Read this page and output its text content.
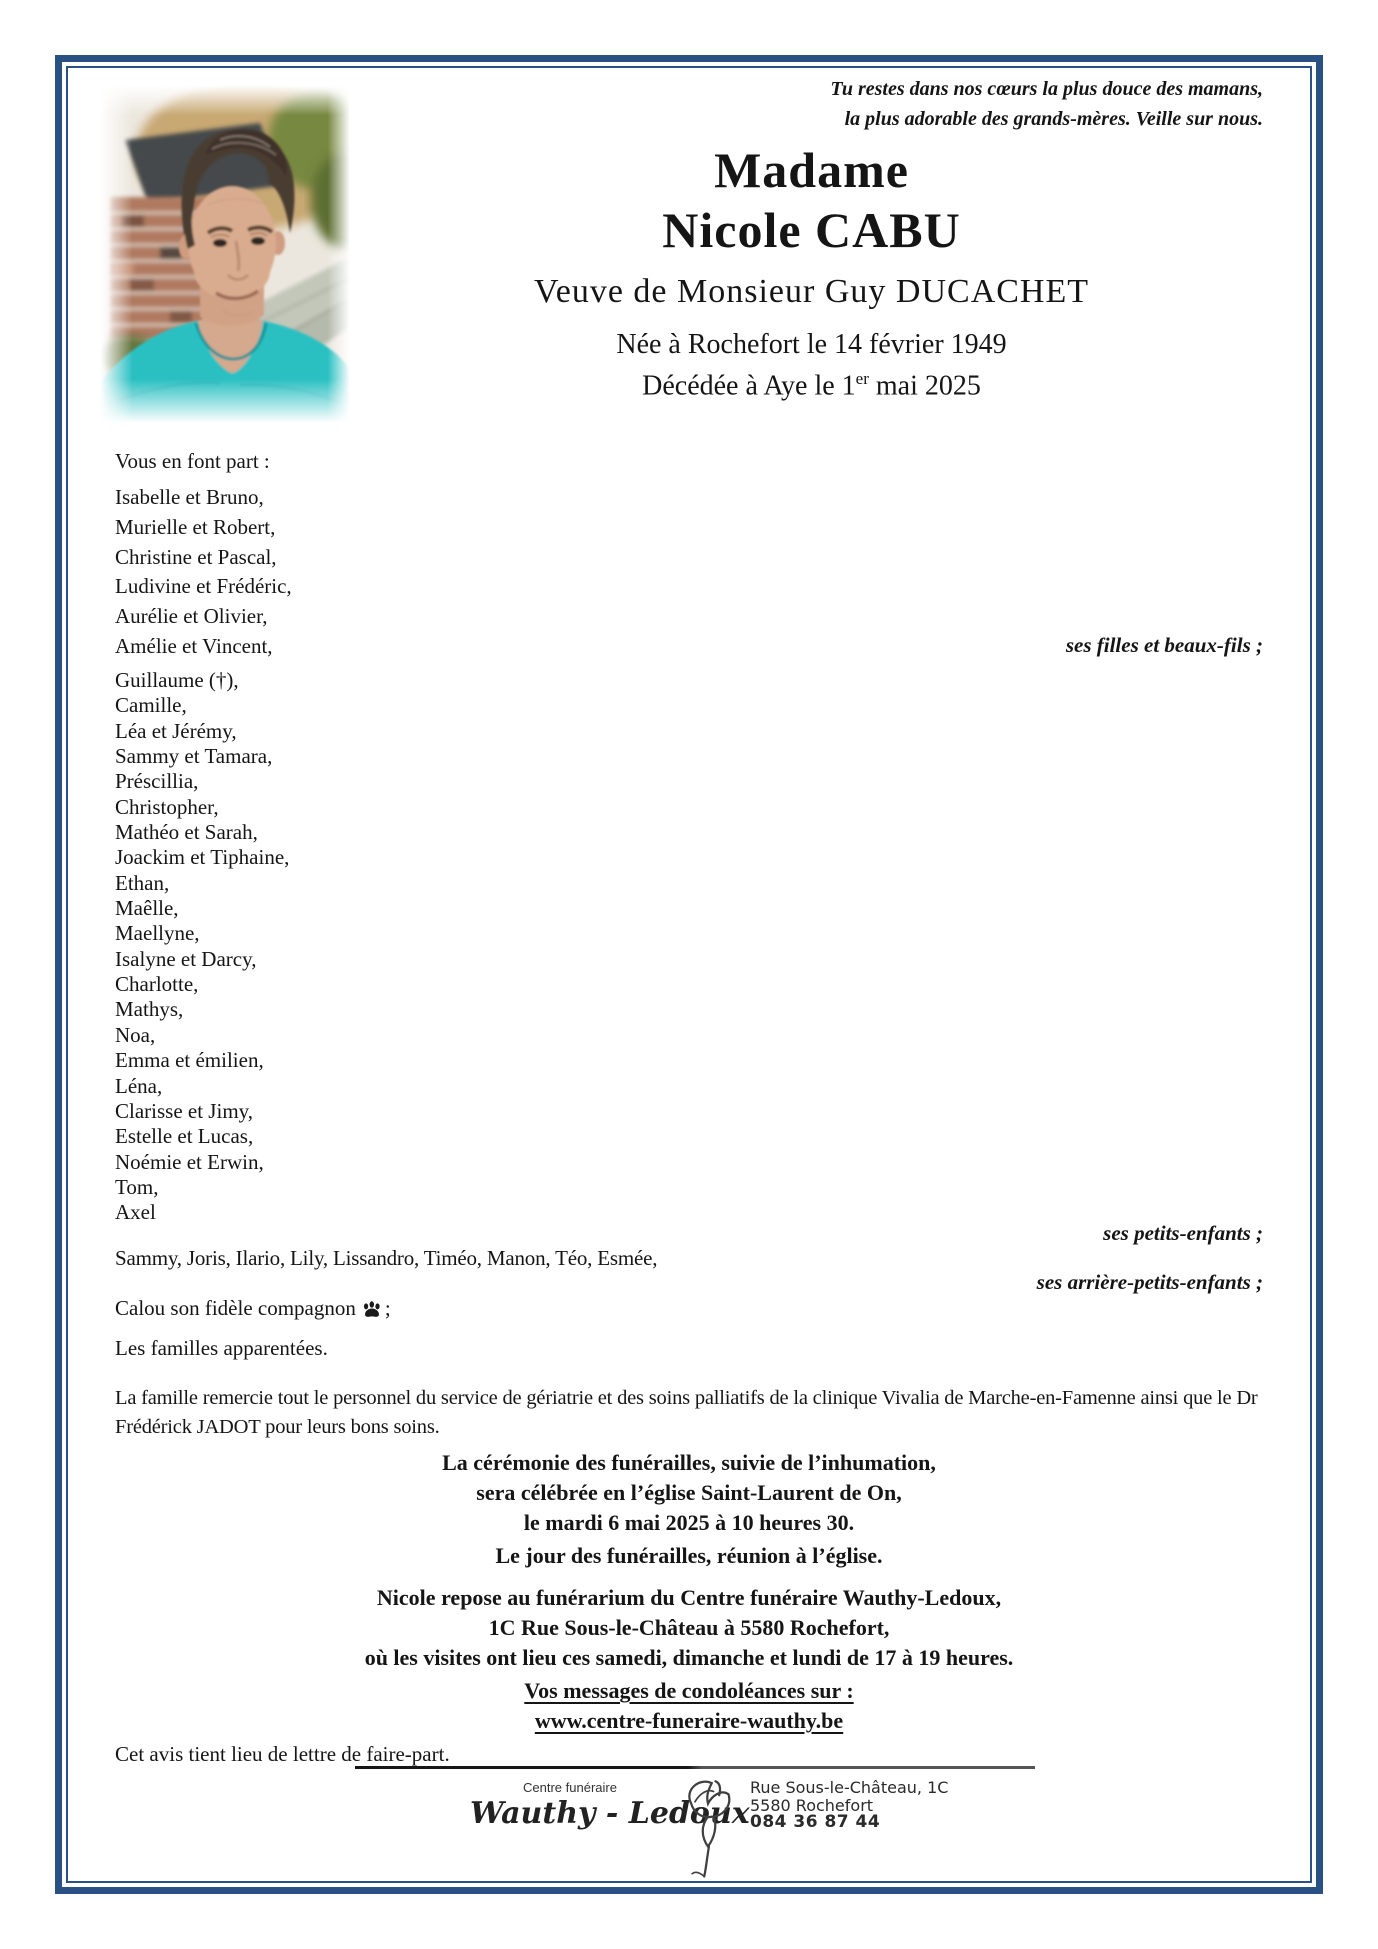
Tu restes dans nos cœurs la plus douce des mamans,
la plus adorable des grands-mères. Veille sur nous.
Madame
Nicole CABU
Veuve de Monsieur Guy DUCACHET
Née à Rochefort le 14 février 1949
Décédée à Aye le 1er mai 2025
Vous en font part :
Isabelle et Bruno,
Murielle et Robert,
Christine et Pascal,
Ludivine et Frédéric,
Aurélie et Olivier,
Amélie et Vincent,
Guillaume (†),
Camille,
Léa et Jérémy,
Sammy et Tamara,
Préscillia,
Christopher,
Mathéo et Sarah,
Joackim et Tiphaine,
Ethan,
Maêlle,
Maellyne,
Isalyne et Darcy,
Charlotte,
Mathys,
Noa,
Emma et émilien,
Léna,
Clarisse et Jimy,
Estelle et Lucas,
Noémie et Erwin,
Tom,
Axel
ses filles et beaux-fils ;
ses petits-enfants ;
ses arrière-petits-enfants ;
Sammy, Joris, Ilario, Lily, Lissandro, Timéo, Manon, Téo, Esmée,
Calou son fidèle compagnon ;
Les familles apparentées.
La famille remercie tout le personnel du service de gériatrie et des soins palliatifs de la clinique Vivalia de Marche-en-Famenne ainsi que le Dr Frédérick JADOT pour leurs bons soins.
La cérémonie des funérailles, suivie de l’inhumation,
sera célébrée en l’église Saint-Laurent de On,
le mardi 6 mai 2025 à 10 heures 30.
Le jour des funérailles, réunion à l’église.
Nicole repose au funérarium du Centre funéraire Wauthy-Ledoux,
1C Rue Sous-le-Château à 5580 Rochefort,
où les visites ont lieu ces samedi, dimanche et lundi de 17 à 19 heures.
Vos messages de condoléances sur :
www.centre-funeraire-wauthy.be
Cet avis tient lieu de lettre de faire-part.
Centre funéraire
Wauthy - Ledoux
Rue Sous-le-Château, 1C
5580 Rochefort
084 36 87 44
